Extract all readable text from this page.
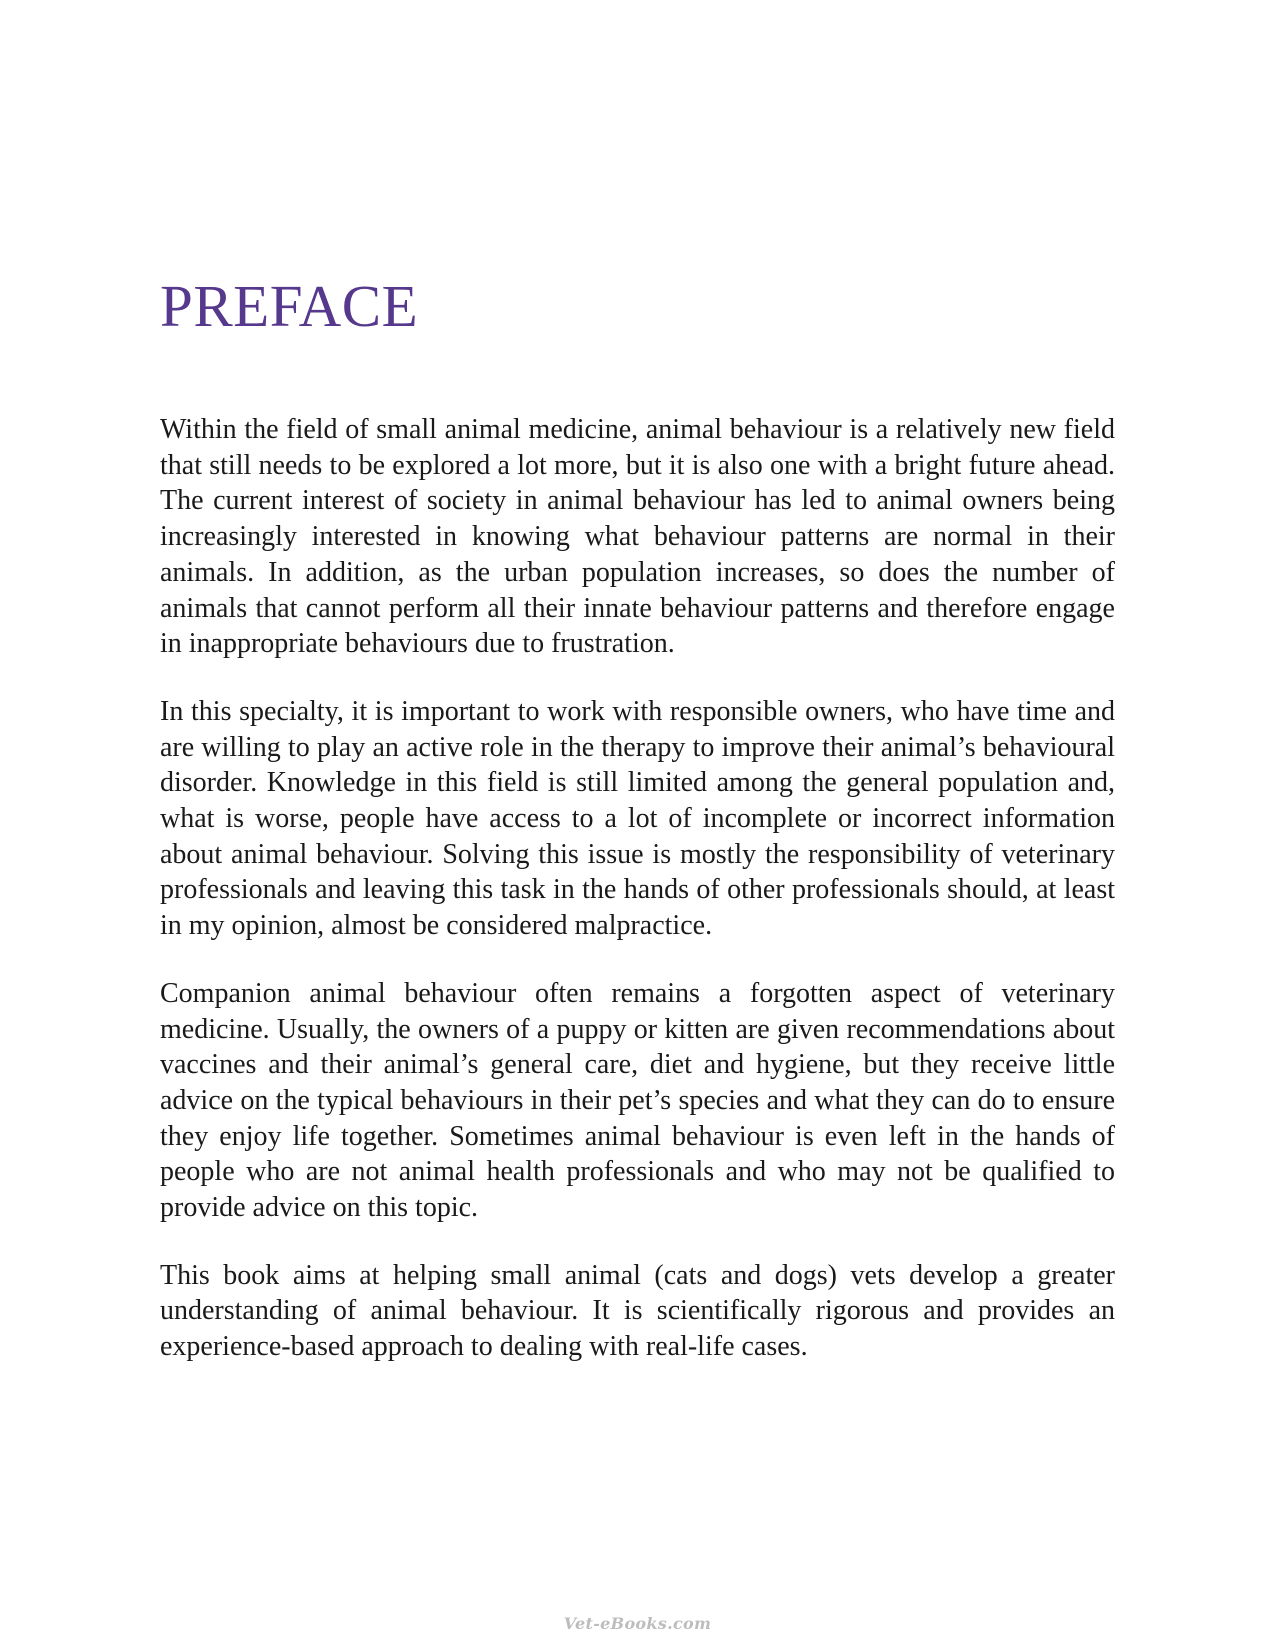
PREFACE

Within the field of small animal medicine, animal behaviour is a relatively new field that still needs to be explored a lot more, but it is also one with a bright future ahead. The current interest of society in animal behaviour has led to animal owners being increasingly interested in knowing what behaviour patterns are normal in their animals. In addition, as the urban population increases, so does the number of animals that cannot perform all their innate behaviour patterns and therefore engage in inappropriate behaviours due to frustration.

In this specialty, it is important to work with responsible owners, who have time and are willing to play an active role in the therapy to improve their animal’s behavioural disorder. Knowledge in this field is still limited among the general population and, what is worse, people have access to a lot of incomplete or incorrect information about animal behaviour. Solving this issue is mostly the responsibility of veterinary professionals and leaving this task in the hands of other professionals should, at least in my opinion, almost be considered malpractice.

Companion animal behaviour often remains a forgotten aspect of veterinary medicine. Usually, the owners of a puppy or kitten are given recommendations about vaccines and their animal’s general care, diet and hygiene, but they receive little advice on the typical behaviours in their pet’s species and what they can do to ensure they enjoy life together. Sometimes animal behaviour is even left in the hands of people who are not animal health professionals and who may not be qualified to provide advice on this topic.

This book aims at helping small animal (cats and dogs) vets develop a greater understanding of animal behaviour. It is scientifically rigorous and provides an experience-based approach to dealing with real-life cases.

Vet-eBooks.com
